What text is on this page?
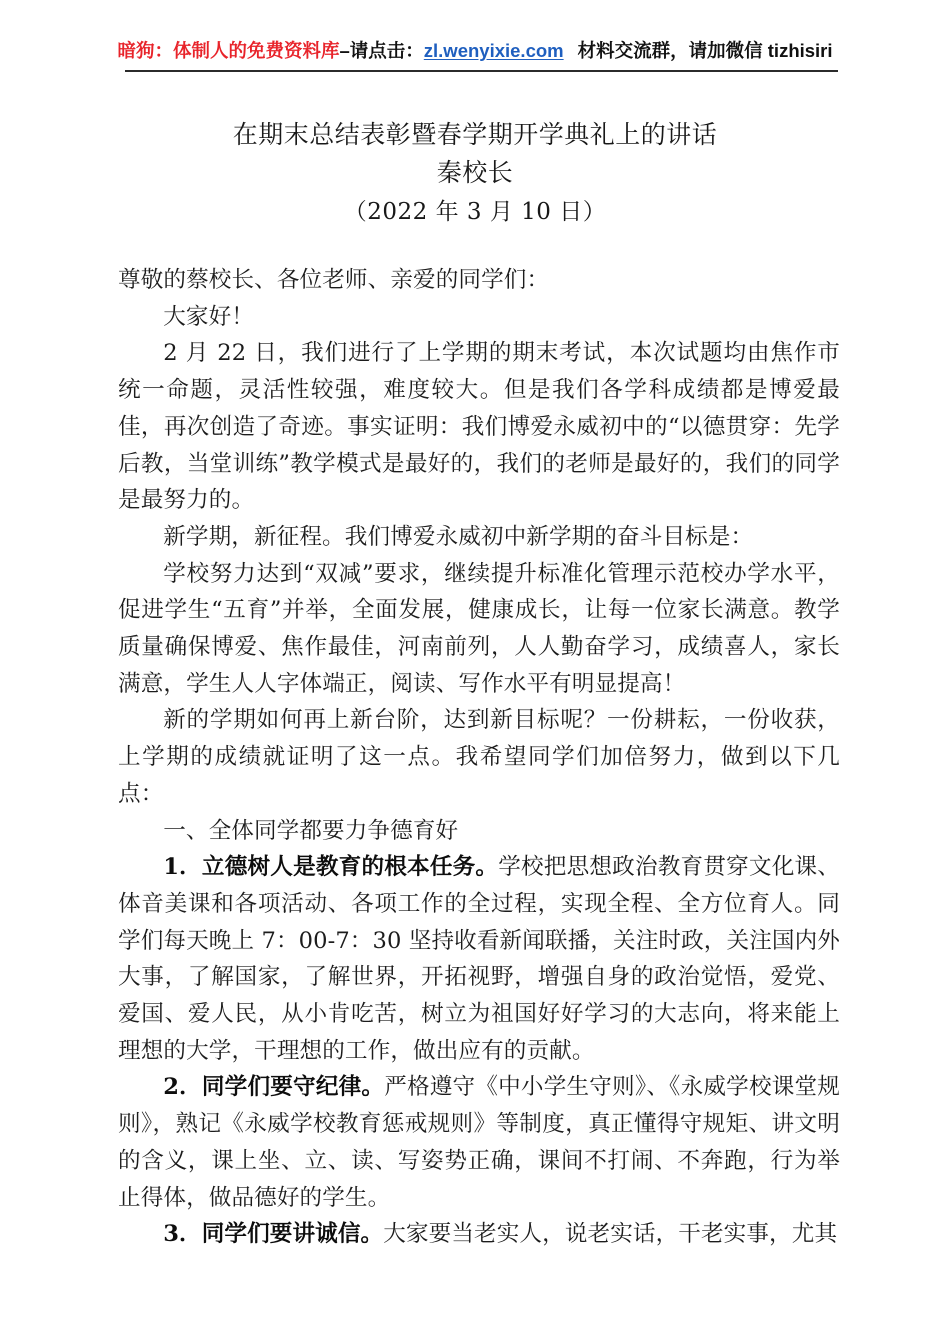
暗狗：体制人的免费资料库–请点击：zl.wenyixie.com 材料交流群，请加微信 tizhisiri
在期末总结表彰暨春学期开学典礼上的讲话
秦校长
（2022 年 3 月 10 日）

尊敬的蔡校长、各位老师、亲爱的同学们：

大家好！

2 月 22 日，我们进行了上学期的期末考试，本次试题均由焦作市统一命题，灵活性较强，难度较大。但是我们各学科成绩都是博爱最佳，再次创造了奇迹。事实证明：我们博爱永威初中的“以德贯穿：先学后教，当堂训练”教学模式是最好的，我们的老师是最好的，我们的同学是最努力的。

新学期，新征程。我们博爱永威初中新学期的奋斗目标是：

学校努力达到“双减”要求，继续提升标准化管理示范校办学水平，促进学生“五育”并举，全面发展，健康成长，让每一位家长满意。教学质量确保博爱、焦作最佳，河南前列，人人勤奋学习，成绩喜人，家长满意，学生人人字体端正，阅读、写作水平有明显提高！

新的学期如何再上新台阶，达到新目标呢？一份耕耘，一份收获，上学期的成绩就证明了这一点。我希望同学们加倍努力，做到以下几点：

一、全体同学都要力争德育好

1．立德树人是教育的根本任务。学校把思想政治教育贯穿文化课、体音美课和各项活动、各项工作的全过程，实现全程、全方位育人。同学们每天晚上 7：00-7：30 坚持收看新闻联播，关注时政，关注国内外大事，了解国家，了解世界，开拓视野，增强自身的政治觉悟，爱党、爱国、爱人民，从小肯吃苦，树立为祖国好好学习的大志向，将来能上理想的大学，干理想的工作，做出应有的贡献。

2．同学们要守纪律。严格遵守《中小学生守则》、《永威学校课堂规则》，熟记《永威学校教育惩戒规则》等制度，真正懂得守规矩、讲文明的含义，课上坐、立、读、写姿势正确，课间不打闹、不奔跑，行为举止得体，做品德好的学生。

3．同学们要讲诚信。大家要当老实人，说老实话，干老实事，尤其
